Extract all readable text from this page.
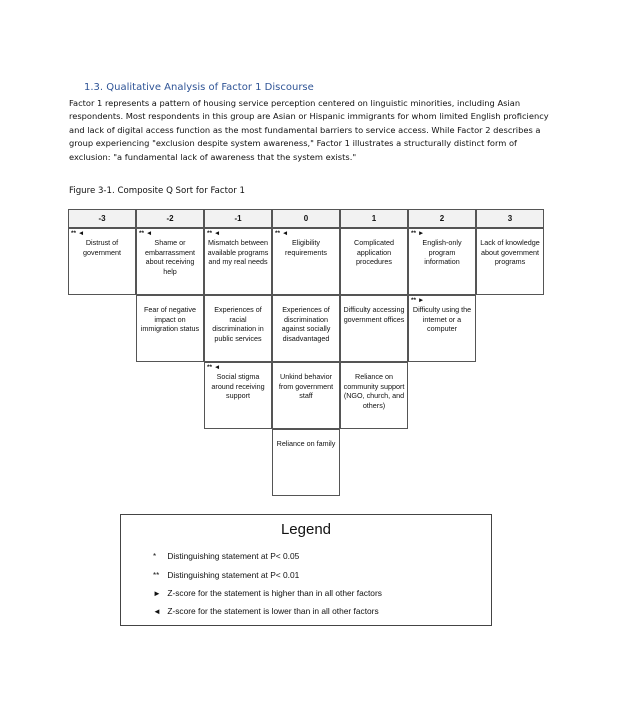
1.3. Qualitative Analysis of Factor 1 Discourse
Factor 1 represents a pattern of housing service perception centered on linguistic minorities, including Asian
respondents. Most respondents in this group are Asian or Hispanic immigrants for whom limited English proficiency
and lack of digital access function as the most fundamental barriers to service access. While Factor 2 describes a
group experiencing "exclusion despite system awareness," Factor 1 illustrates a structurally distinct form of
exclusion: "a fundamental lack of awareness that the system exists."
Figure 3-1. Composite Q Sort for Factor 1
-3
** ◄
Distrust of government
-2
** ◄
Shame or embarrassment about receiving help
Fear of negative impact on immigration status
-1
** ◄
Mismatch between available programs and my real needs
Experiences of racial discrimination in public services
** ◄
Social stigma around receiving support
0
** ◄
Eligibility requirements
Experiences of discrimination against socially disadvantaged
Unkind behavior from government staff
Reliance on family
1
Complicated application procedures
Difficulty accessing government offices
Reliance on community support (NGO, church, and others)
2
** ►
English-only program information
** ►
Difficulty using the internet or a computer
3
Lack of knowledge about government programs
Legend
* Distinguishing statement at P< 0.05
** Distinguishing statement at P< 0.01
► Z-score for the statement is higher than in all other factors
◄ Z-score for the statement is lower than in all other factors
